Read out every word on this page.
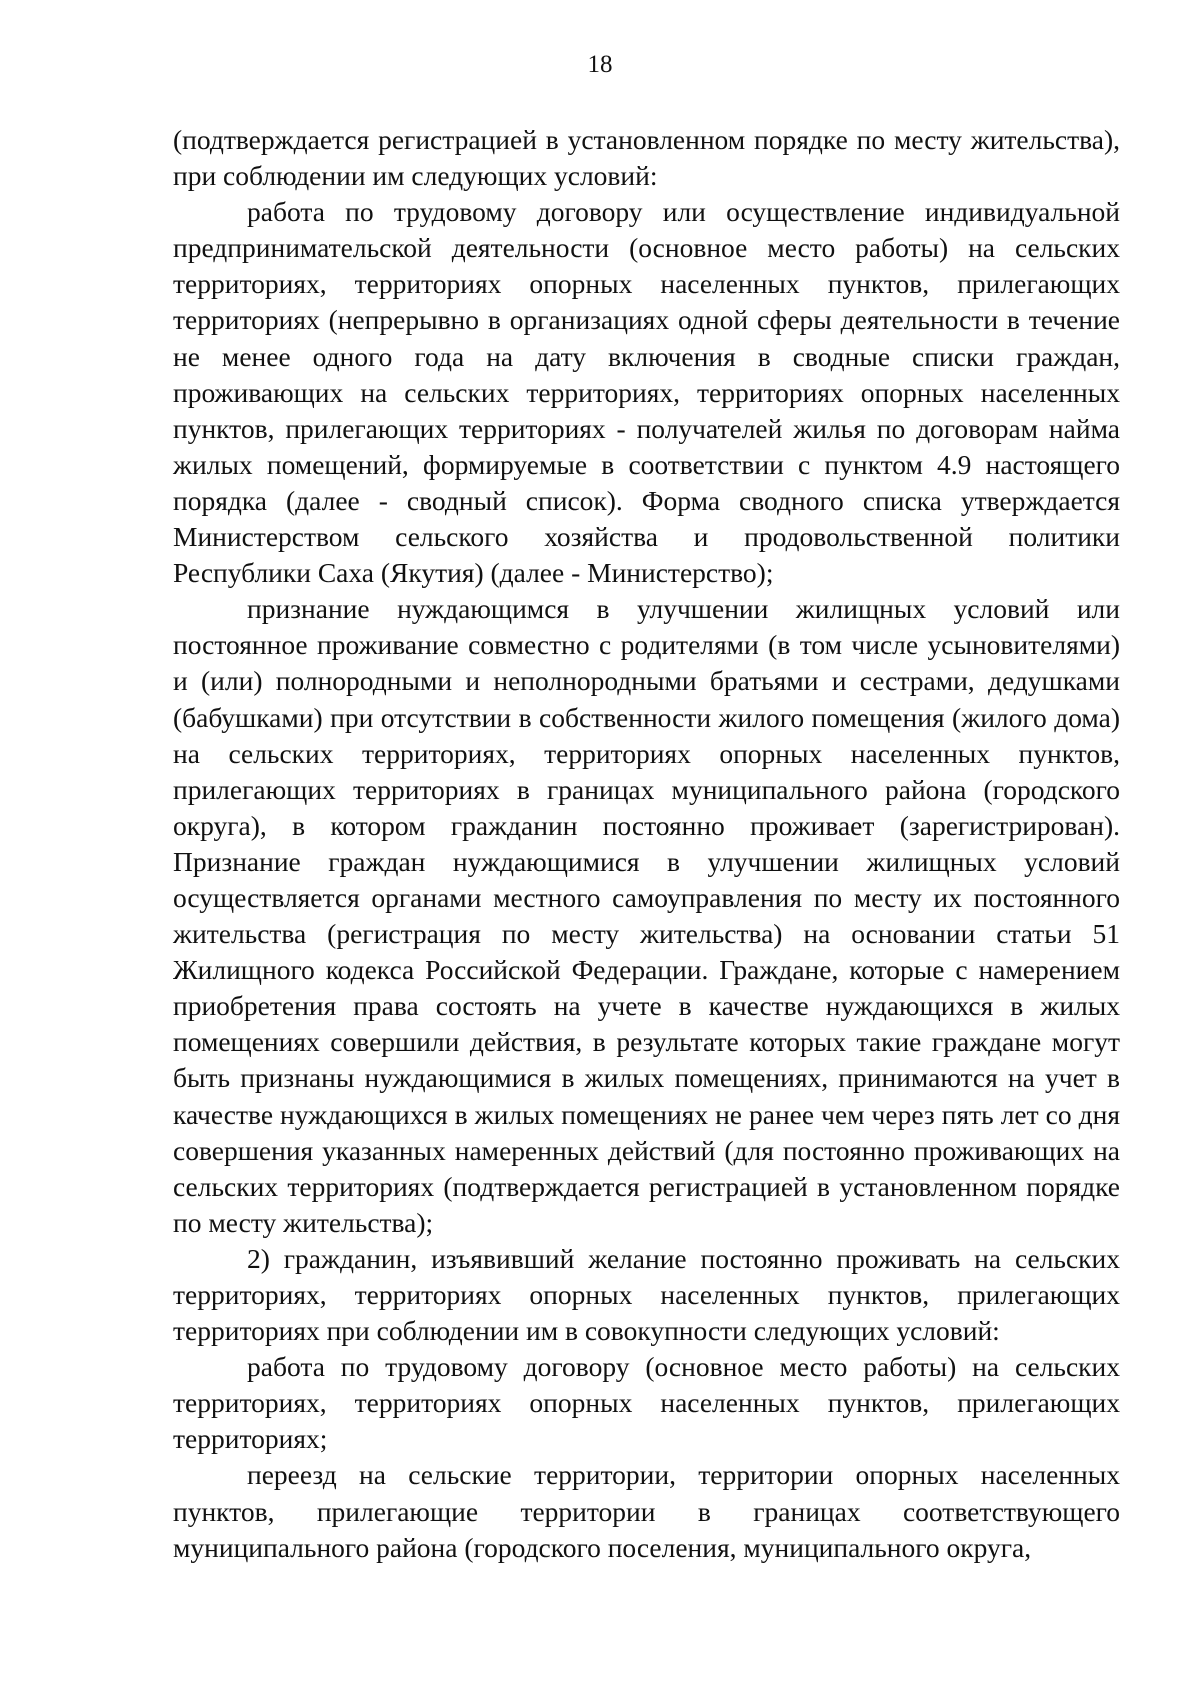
18

(подтверждается регистрацией в установленном порядке по месту жительства), при соблюдении им следующих условий:

работа по трудовому договору или осуществление индивидуальной предпринимательской деятельности (основное место работы) на сельских территориях, территориях опорных населенных пунктов, прилегающих территориях (непрерывно в организациях одной сферы деятельности в течение не менее одного года на дату включения в сводные списки граждан, проживающих на сельских территориях, территориях опорных населенных пунктов, прилегающих территориях - получателей жилья по договорам найма жилых помещений, формируемые в соответствии с пунктом 4.9 настоящего порядка (далее - сводный список). Форма сводного списка утверждается Министерством сельского хозяйства и продовольственной политики Республики Саха (Якутия) (далее - Министерство);

признание нуждающимся в улучшении жилищных условий или постоянное проживание совместно с родителями (в том числе усыновителями) и (или) полнородными и неполнородными братьями и сестрами, дедушками (бабушками) при отсутствии в собственности жилого помещения (жилого дома) на сельских территориях, территориях опорных населенных пунктов, прилегающих территориях в границах муниципального района (городского округа), в котором гражданин постоянно проживает (зарегистрирован). Признание граждан нуждающимися в улучшении жилищных условий осуществляется органами местного самоуправления по месту их постоянного жительства (регистрация по месту жительства) на основании статьи 51 Жилищного кодекса Российской Федерации. Граждане, которые с намерением приобретения права состоять на учете в качестве нуждающихся в жилых помещениях совершили действия, в результате которых такие граждане могут быть признаны нуждающимися в жилых помещениях, принимаются на учет в качестве нуждающихся в жилых помещениях не ранее чем через пять лет со дня совершения указанных намеренных действий (для постоянно проживающих на сельских территориях (подтверждается регистрацией в установленном порядке по месту жительства);

2) гражданин, изъявивший желание постоянно проживать на сельских территориях, территориях опорных населенных пунктов, прилегающих территориях при соблюдении им в совокупности следующих условий:

работа по трудовому договору (основное место работы) на сельских территориях, территориях опорных населенных пунктов, прилегающих территориях;

переезд на сельские территории, территории опорных населенных пунктов, прилегающие территории в границах соответствующего муниципального района (городского поселения, муниципального округа,
